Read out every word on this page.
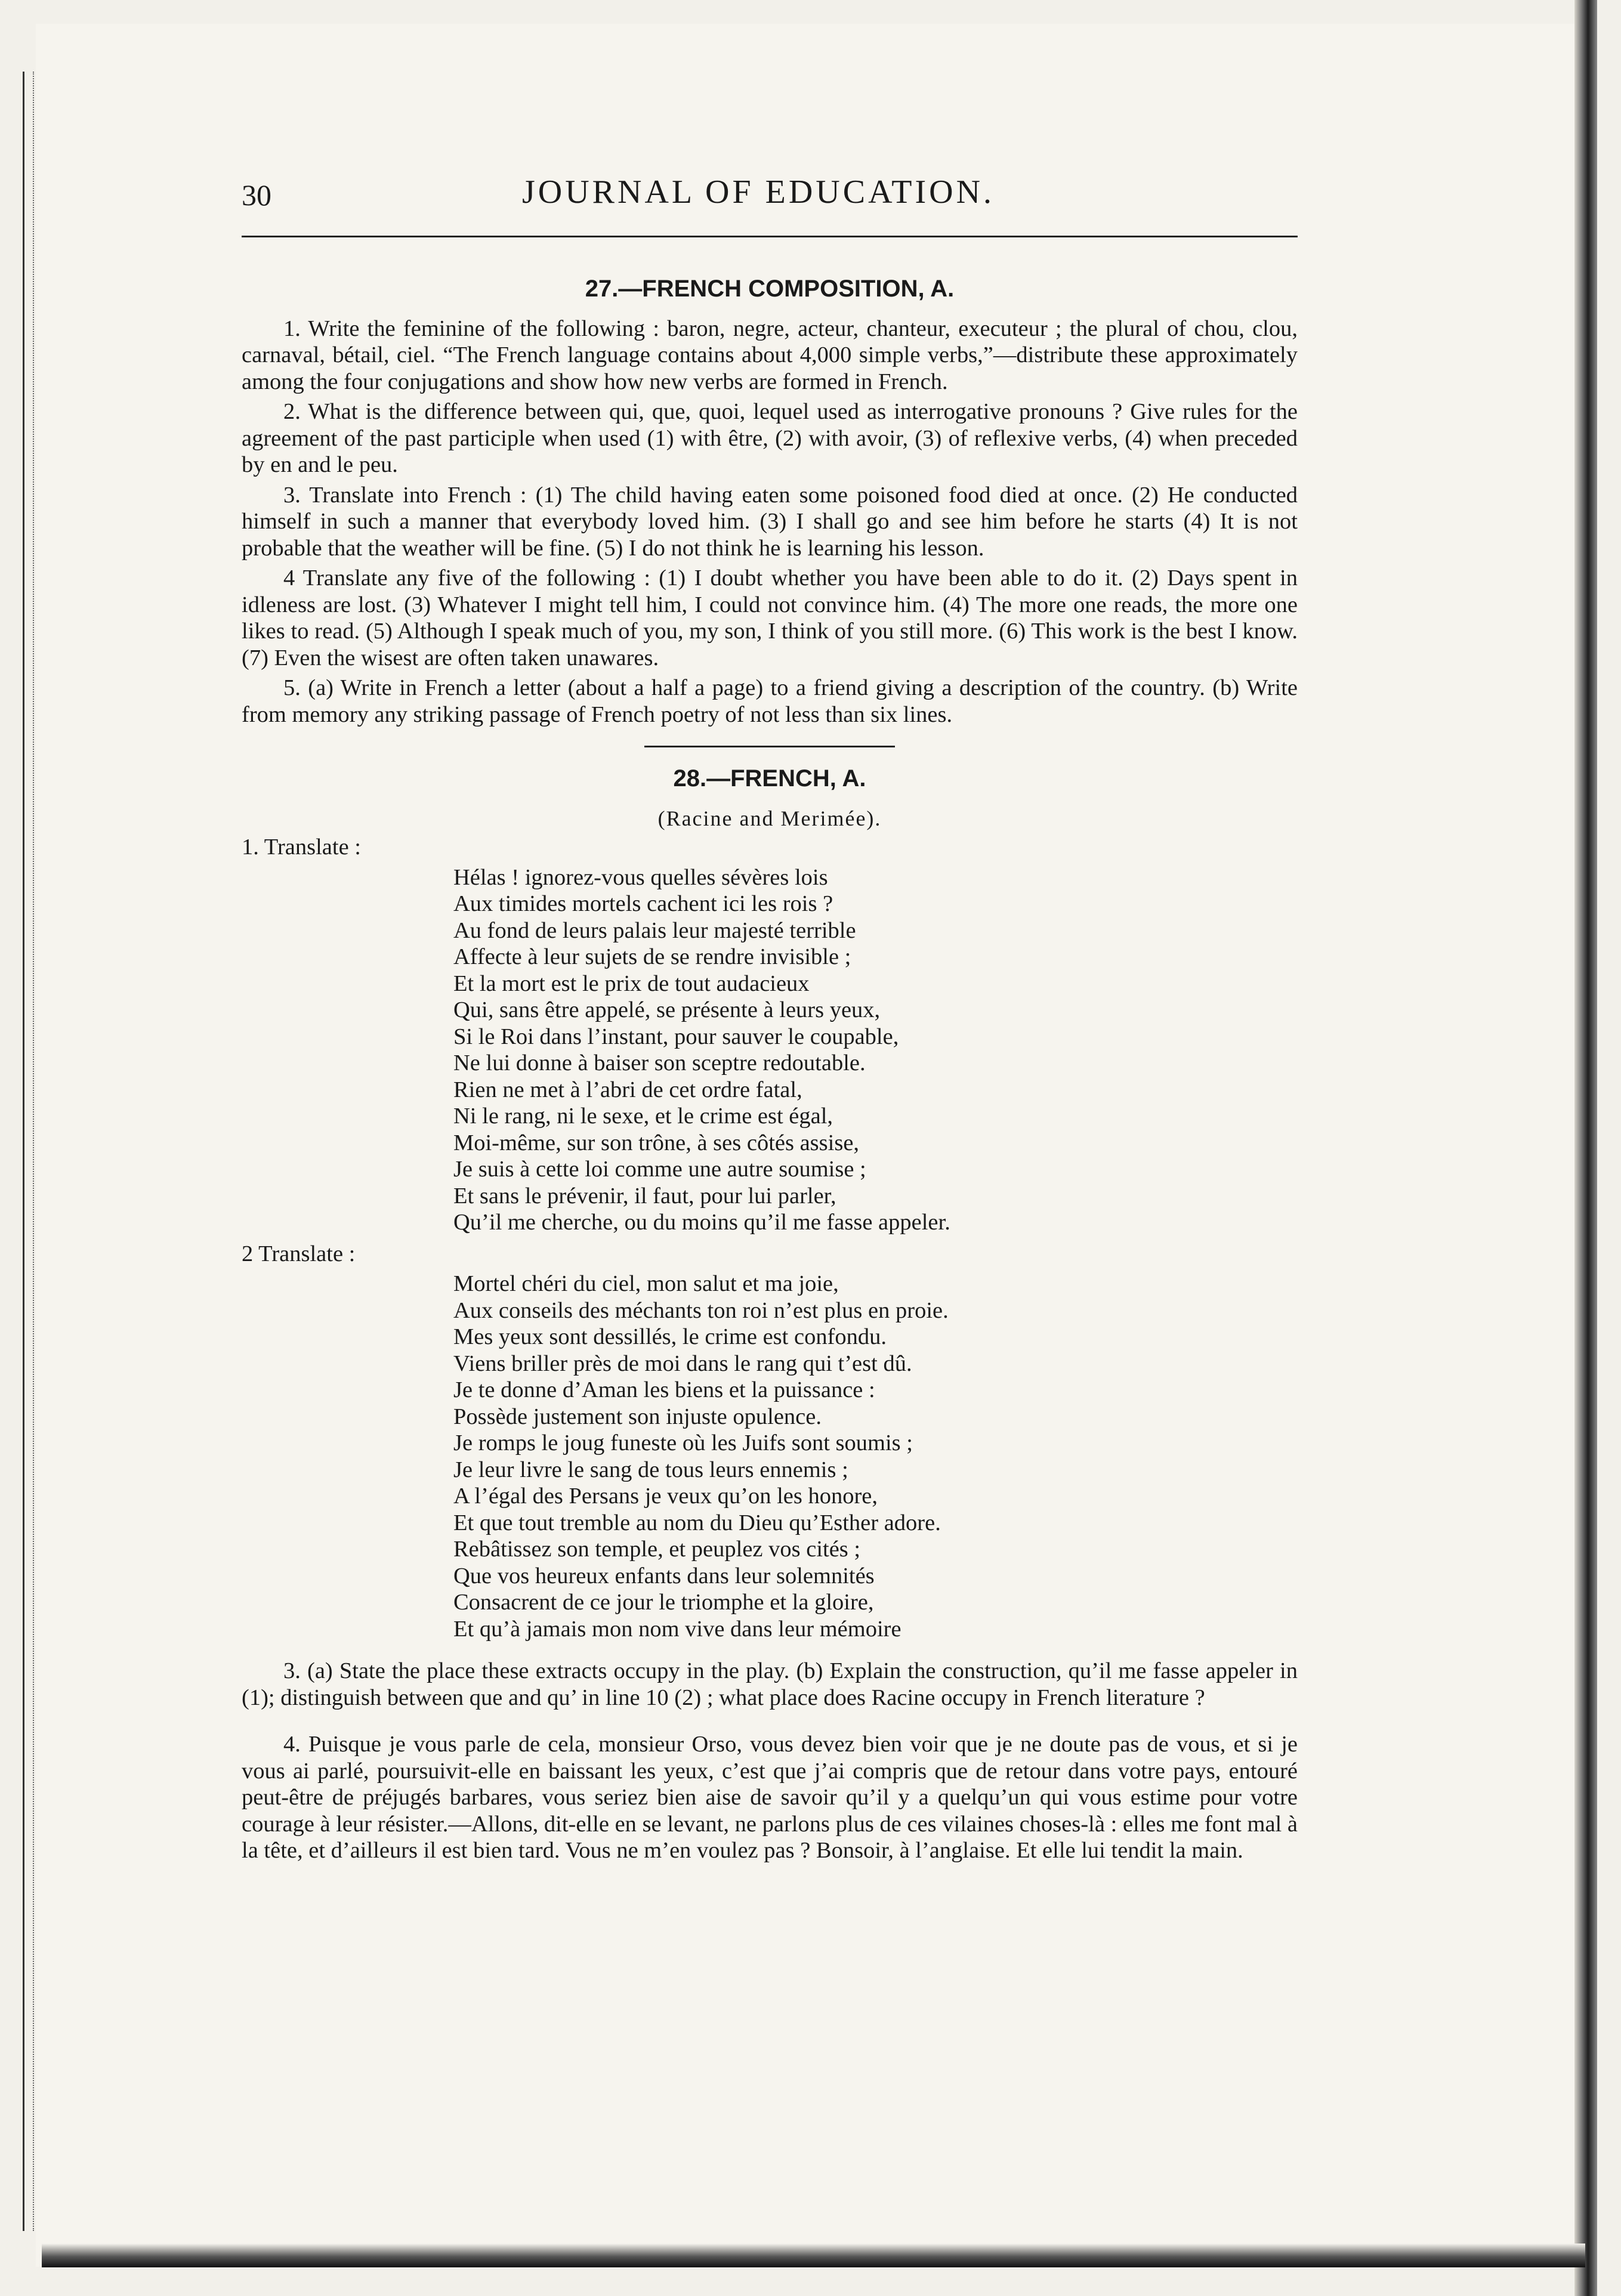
30	JOURNAL OF EDUCATION.
27.—FRENCH COMPOSITION, A.

1. Write the feminine of the following : baron, negre, acteur, chanteur, executeur ; the plural of chou, clou, carnaval, bétail, ciel. “The French language contains about 4,000 simple verbs,”—distribute these approximately among the four conjugations and show how new verbs are formed in French.

2. What is the difference between qui, que, quoi, lequel used as interrogative pronouns ? Give rules for the agreement of the past participle when used (1) with être, (2) with avoir, (3) of reflexive verbs, (4) when preceded by en and le peu.

3. Translate into French : (1) The child having eaten some poisoned food died at once. (2) He conducted himself in such a manner that everybody loved him. (3) I shall go and see him before he starts (4) It is not probable that the weather will be fine. (5) I do not think he is learning his lesson.

4 Translate any five of the following : (1) I doubt whether you have been able to do it. (2) Days spent in idleness are lost. (3) Whatever I might tell him, I could not convince him. (4) The more one reads, the more one likes to read. (5) Although I speak much of you, my son, I think of you still more. (6) This work is the best I know. (7) Even the wisest are often taken unawares.

5. (a) Write in French a letter (about a half a page) to a friend giving a description of the country. (b) Write from memory any striking passage of French poetry of not less than six lines.

28.—FRENCH, A.
(Racine and Merimée).
1. Translate :
Hélas ! ignorez-vous quelles sévères lois
Aux timides mortels cachent ici les rois ?
Au fond de leurs palais leur majesté terrible
Affecte à leur sujets de se rendre invisible ;
Et la mort est le prix de tout audacieux
Qui, sans être appelé, se présente à leurs yeux,
Si le Roi dans l’instant, pour sauver le coupable,
Ne lui donne à baiser son sceptre redoutable.
Rien ne met à l’abri de cet ordre fatal,
Ni le rang, ni le sexe, et le crime est égal,
Moi-même, sur son trône, à ses côtés assise,
Je suis à cette loi comme une autre soumise ;
Et sans le prévenir, il faut, pour lui parler,
Qu’il me cherche, ou du moins qu’il me fasse appeler.
2 Translate :
Mortel chéri du ciel, mon salut et ma joie,
Aux conseils des méchants ton roi n’est plus en proie.
Mes yeux sont dessillés, le crime est confondu.
Viens briller près de moi dans le rang qui t’est dû.
Je te donne d’Aman les biens et la puissance :
Possède justement son injuste opulence.
Je romps le joug funeste où les Juifs sont soumis ;
Je leur livre le sang de tous leurs ennemis ;
A l’égal des Persans je veux qu’on les honore,
Et que tout tremble au nom du Dieu qu’Esther adore.
Rebâtissez son temple, et peuplez vos cités ;
Que vos heureux enfants dans leur solemnités
Consacrent de ce jour le triomphe et la gloire,
Et qu’à jamais mon nom vive dans leur mémoire

3. (a) State the place these extracts occupy in the play. (b) Explain the construction, qu’il me fasse appeler in (1); distinguish between que and qu’ in line 10 (2) ; what place does Racine occupy in French literature ?

4. Puisque je vous parle de cela, monsieur Orso, vous devez bien voir que je ne doute pas de vous, et si je vous ai parlé, poursuivit-elle en baissant les yeux, c’est que j’ai compris que de retour dans votre pays, entouré peut-être de préjugés barbares, vous seriez bien aise de savoir qu’il y a quelqu’un qui vous estime pour votre courage à leur résister.—Allons, dit-elle en se levant, ne parlons plus de ces vilaines choses-là : elles me font mal à la tête, et d’ailleurs il est bien tard. Vous ne m’en voulez pas ? Bonsoir, à l’anglaise. Et elle lui tendit la main.
